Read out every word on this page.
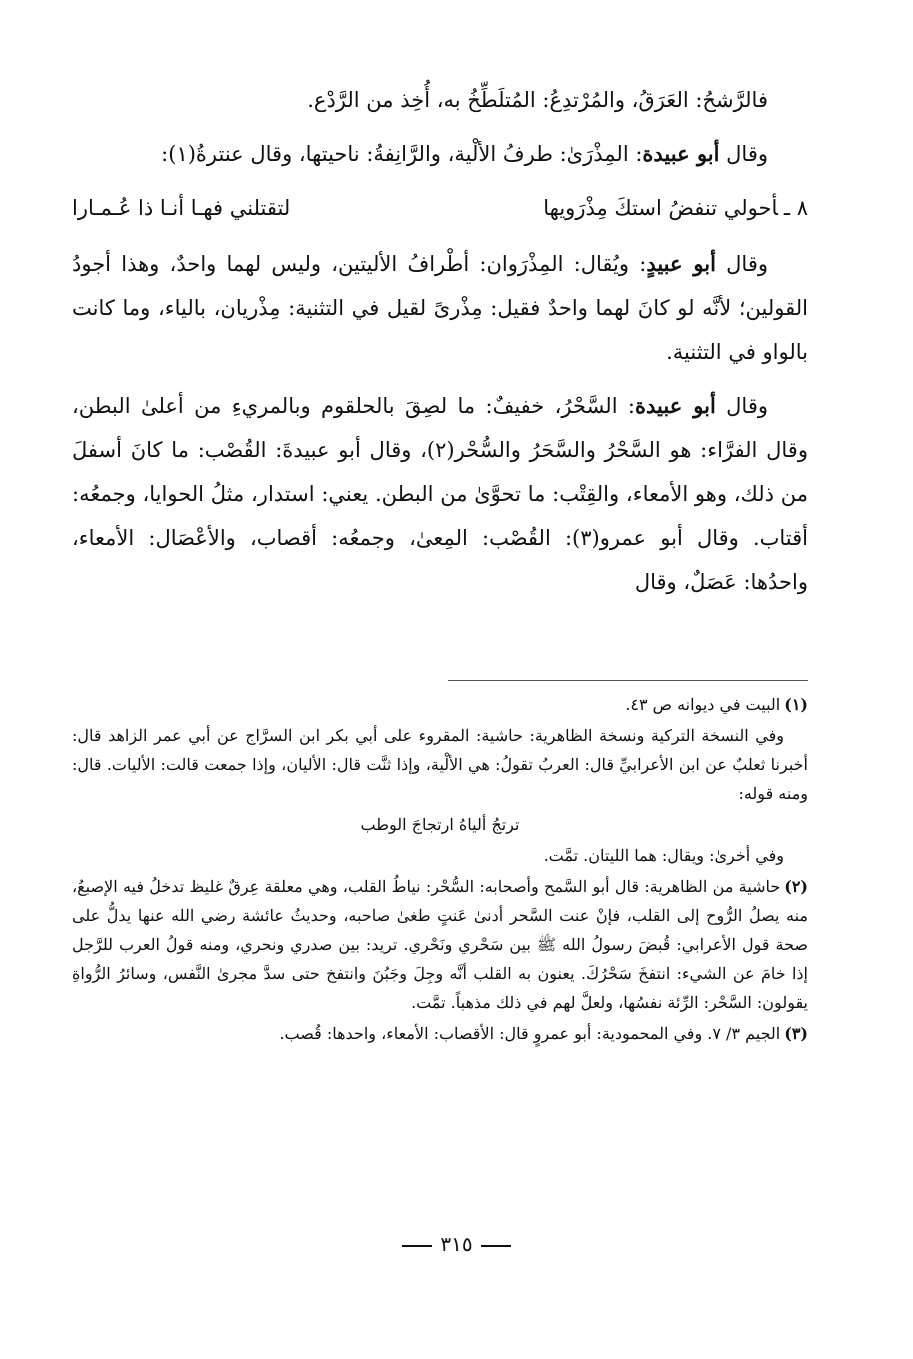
فالرَّشحُ: العَرَقُ، والمُرْتدِعُ: المُتلَطِّخُ به، أُخِذ من الرَّدْع.

وقال أبو عبيدة: المِذْرَىٰ: طرفُ الألْية، والرَّانِفةُ: ناحيتها، وقال عنترةُ(١):

٨ ـأحولي تنفضُ استكَ مِذْرَويها
لتقتلني فهـا أنـا ذا عُـمـارا

وقال أبو عبيدٍ: ويُقال: المِذْرَوان: أطْرافُ الأليتين، وليس لهما واحدٌ، وهذا أجودُ القولين؛ لأنَّه لو كانَ لهما واحدٌ فقيل: مِذْرىً لقيل في التثنية: مِذْريان، بالياء، وما كانت بالواو في التثنية.

وقال أبو عبيدة: السَّحْرُ، خفيفٌ: ما لصِقَ بالحلقوم وبالمريءِ من أعلىٰ البطن، وقال الفرَّاء: هو السَّحْرُ والسَّحَرُ والسُّحْر(٢)، وقال أبو عبيدةَ: القُصْب: ما كانَ أسفلَ من ذلك، وهو الأمعاء، والقِتْب: ما تحوَّىٰ من البطن. يعني: استدار، مثلُ الحوايا، وجمعُه: أقتاب. وقال أبو عمرو(٣): القُصْب: المِعىٰ، وجمعُه: أقصاب، والأعْصَال: الأمعاء، واحدُها: عَصَلٌ، وقال

(١)البيت في ديوانه ص ٤٣.

وفي النسخة التركية ونسخة الظاهرية: حاشية: المقروء على أبي بكر ابن السرَّاج عن أبي عمر الزاهد قال: أخبرنا ثعلبٌ عن ابن الأعرابيِّ قال: العربُ تقولُ: هي الألْية، وإذا ثنَّت قال: الأليان، وإذا جمعت قالت: الأليات. قال: ومنه قوله:

ترتجُ ألياهُ ارتجاجَ الوطب

وفي أخرىٰ: ويقال: هما الليتان. تمَّت.

(٢)حاشية من الظاهرية: قال أبو السَّمح وأصحابه: السُّحْر: نياطُ القلب، وهي معلقة عِرقٌ غليظ تدخلُ فيه الإصبعُ، منه يصلُ الرُّوح إلى القلب، فإنْ عنت السَّحر أدنىٰ عَنتٍ طغىٰ صاحبه، وحديثُ عائشة رضي الله عنها يدلُّ على صحة قول الأعرابي: قُبضَ رسولُ الله ﷺ بين سَحْري ونَحْري. تريد: بين صدري ونحري، ومنه قولُ العرب للرَّجل إذا خامَ عن الشيء: انتفخَ سَحْرُكَ. يعنون به القلب أنَّه وجِلَ وجَبُنَ وانتفخ حتى سدَّ مجرىٰ النَّفس، وسائرُ الرُّواةِ يقولون: السَّحْر: الرِّئة نفسُها، ولعلَّ لهم في ذلك مذهباً. تمَّت.

(٣)الجيم ٣/ ٧. وفي المحمودية: أبو عمروٍ قال: الأقصاب: الأمعاء، واحدها: قُصب.

٣١٥
